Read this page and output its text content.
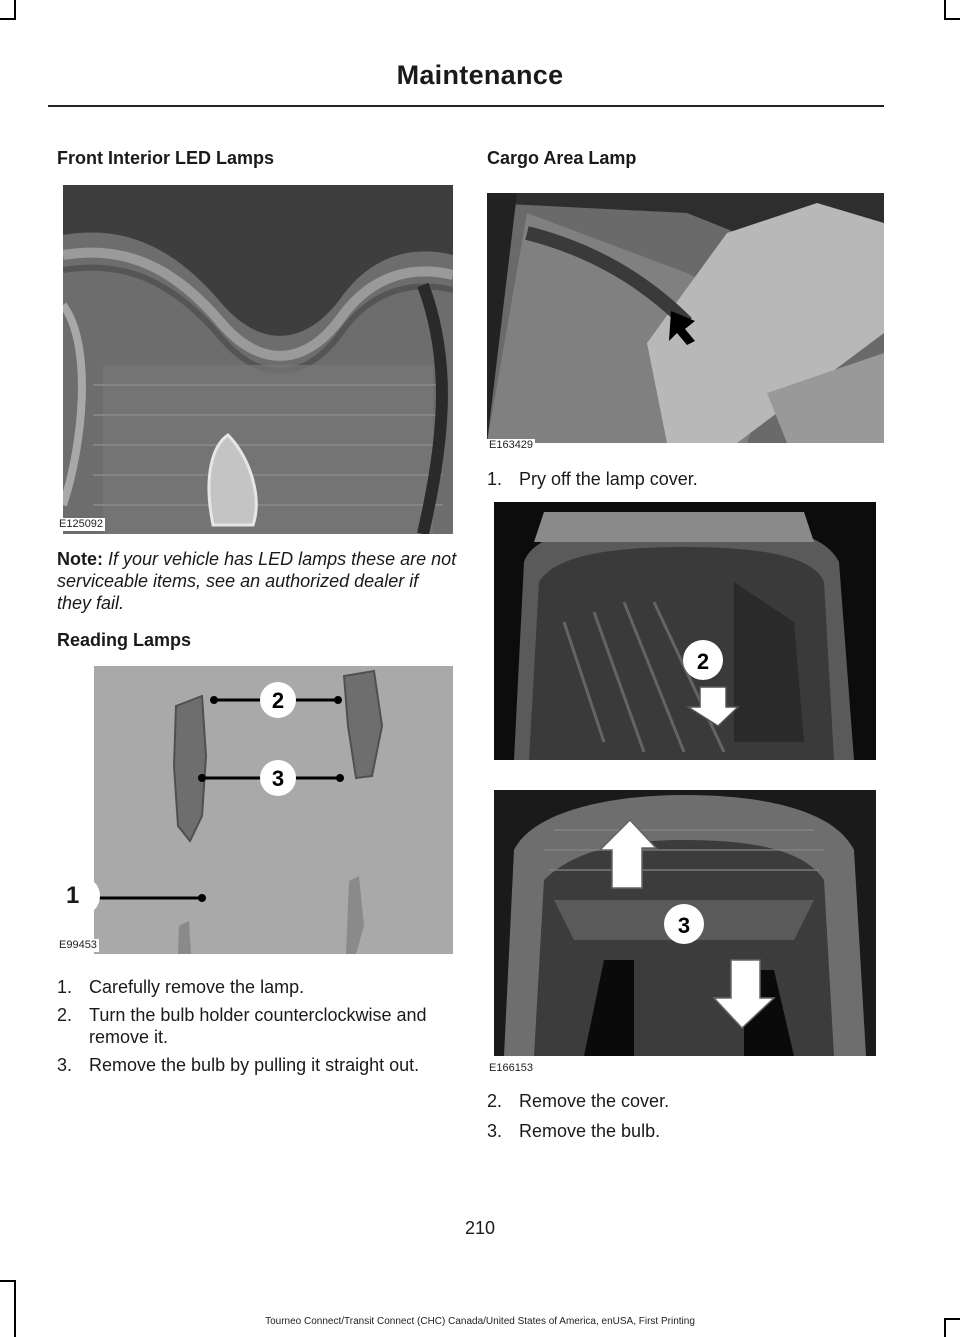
Maintenance
Front Interior LED Lamps
E125092
Note: If your vehicle has LED lamps these are not serviceable items, see an authorized dealer if they fail.
Reading Lamps
2
3
1
E99453
1. Carefully remove the lamp.
2. Turn the bulb holder counterclockwise and remove it.
3. Remove the bulb by pulling it straight out.
Cargo Area Lamp
E163429
1. Pry off the lamp cover.
2
3
E166153
2. Remove the cover.
3. Remove the bulb.
210
Tourneo Connect/Transit Connect (CHC) Canada/United States of America, enUSA, First Printing
